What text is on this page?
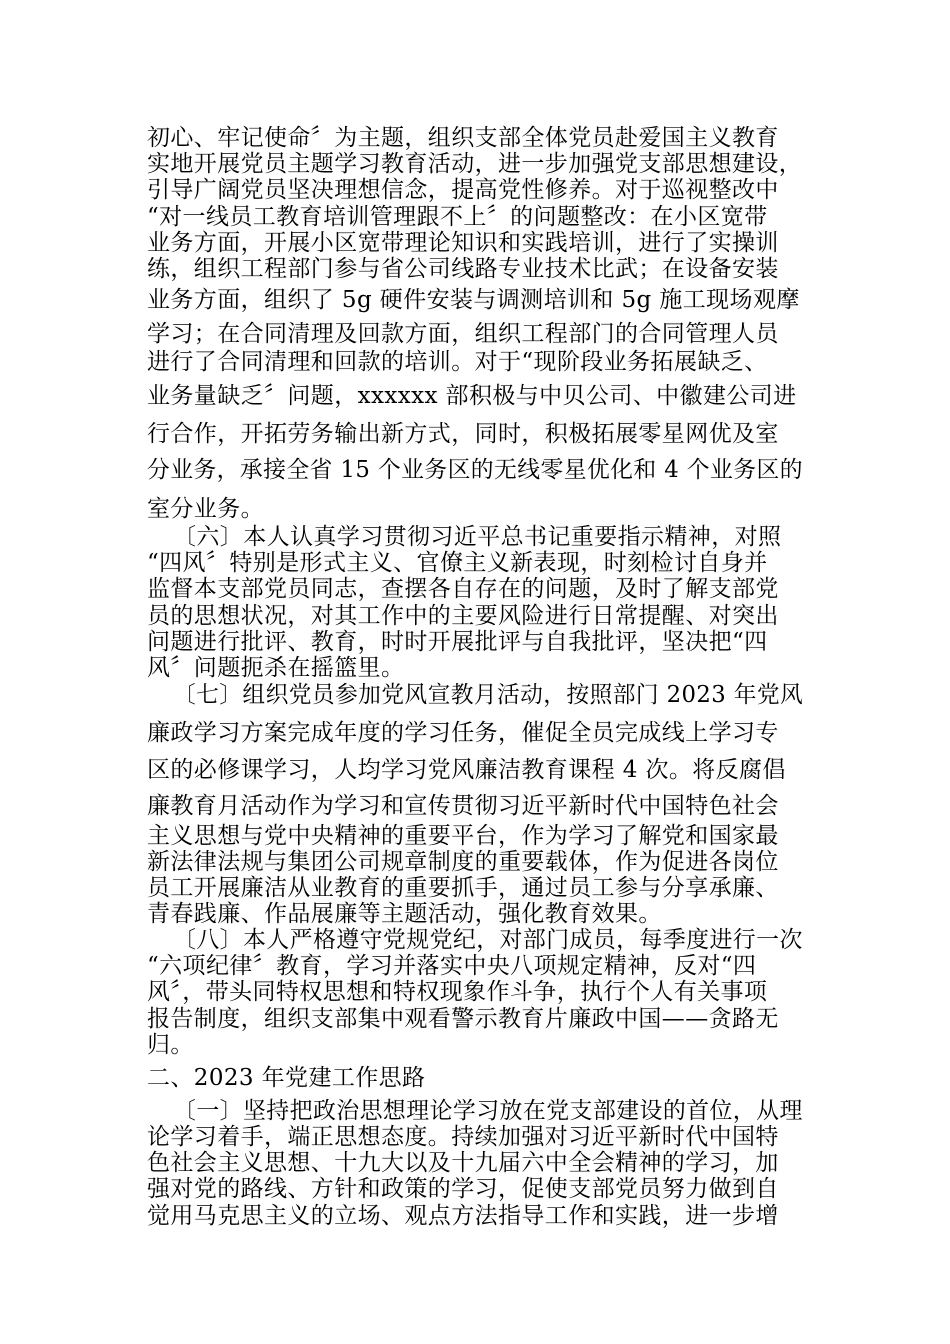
初心、牢记使命〞为主题，组织支部全体党员赴爱国主义教育
实地开展党员主题学习教育活动，进一步加强党支部思想建设，
引导广阔党员坚决理想信念，提高党性修养。对于巡视整改中
“对一线员工教育培训管理跟不上〞的问题整改：在小区宽带
业务方面，开展小区宽带理论知识和实践培训，进行了实操训
练，组织工程部门参与省公司线路专业技术比武；在设备安装
业务方面，组织了 5g 硬件安装与调测培训和 5g 施工现场观摩
学习；在合同清理及回款方面，组织工程部门的合同管理人员
进行了合同清理和回款的培训。对于“现阶段业务拓展缺乏、
业务量缺乏〞问题，xxxxxx 部积极与中贝公司、中徽建公司进
行合作，开拓劳务输出新方式，同时，积极拓展零星网优及室
分业务，承接全省 15 个业务区的无线零星优化和 4 个业务区的
室分业务。
〔六〕本人认真学习贯彻习近平总书记重要指示精神，对照
“四风〞特别是形式主义、官僚主义新表现，时刻检讨自身并
监督本支部党员同志，查摆各自存在的问题，及时了解支部党
员的思想状况，对其工作中的主要风险进行日常提醒、对突出
问题进行批评、教育，时时开展批评与自我批评，坚决把“四
风〞问题扼杀在摇篮里。
〔七〕组织党员参加党风宣教月活动，按照部门 2023 年党风
廉政学习方案完成年度的学习任务，催促全员完成线上学习专
区的必修课学习，人均学习党风廉洁教育课程 4 次。将反腐倡
廉教育月活动作为学习和宣传贯彻习近平新时代中国特色社会
主义思想与党中央精神的重要平台，作为学习了解党和国家最
新法律法规与集团公司规章制度的重要载体，作为促进各岗位
员工开展廉洁从业教育的重要抓手，通过员工参与分享承廉、
青春践廉、作品展廉等主题活动，强化教育效果。
〔八〕本人严格遵守党规党纪，对部门成员，每季度进行一次
“六项纪律〞教育，学习并落实中央八项规定精神，反对“四
风〞，带头同特权思想和特权现象作斗争，执行个人有关事项
报告制度，组织支部集中观看警示教育片廉政中国——贪路无
归。
二、2023 年党建工作思路
〔一〕坚持把政治思想理论学习放在党支部建设的首位，从理
论学习着手，端正思想态度。持续加强对习近平新时代中国特
色社会主义思想、十九大以及十九届六中全会精神的学习，加
强对党的路线、方针和政策的学习，促使支部党员努力做到自
觉用马克思主义的立场、观点方法指导工作和实践，进一步增
